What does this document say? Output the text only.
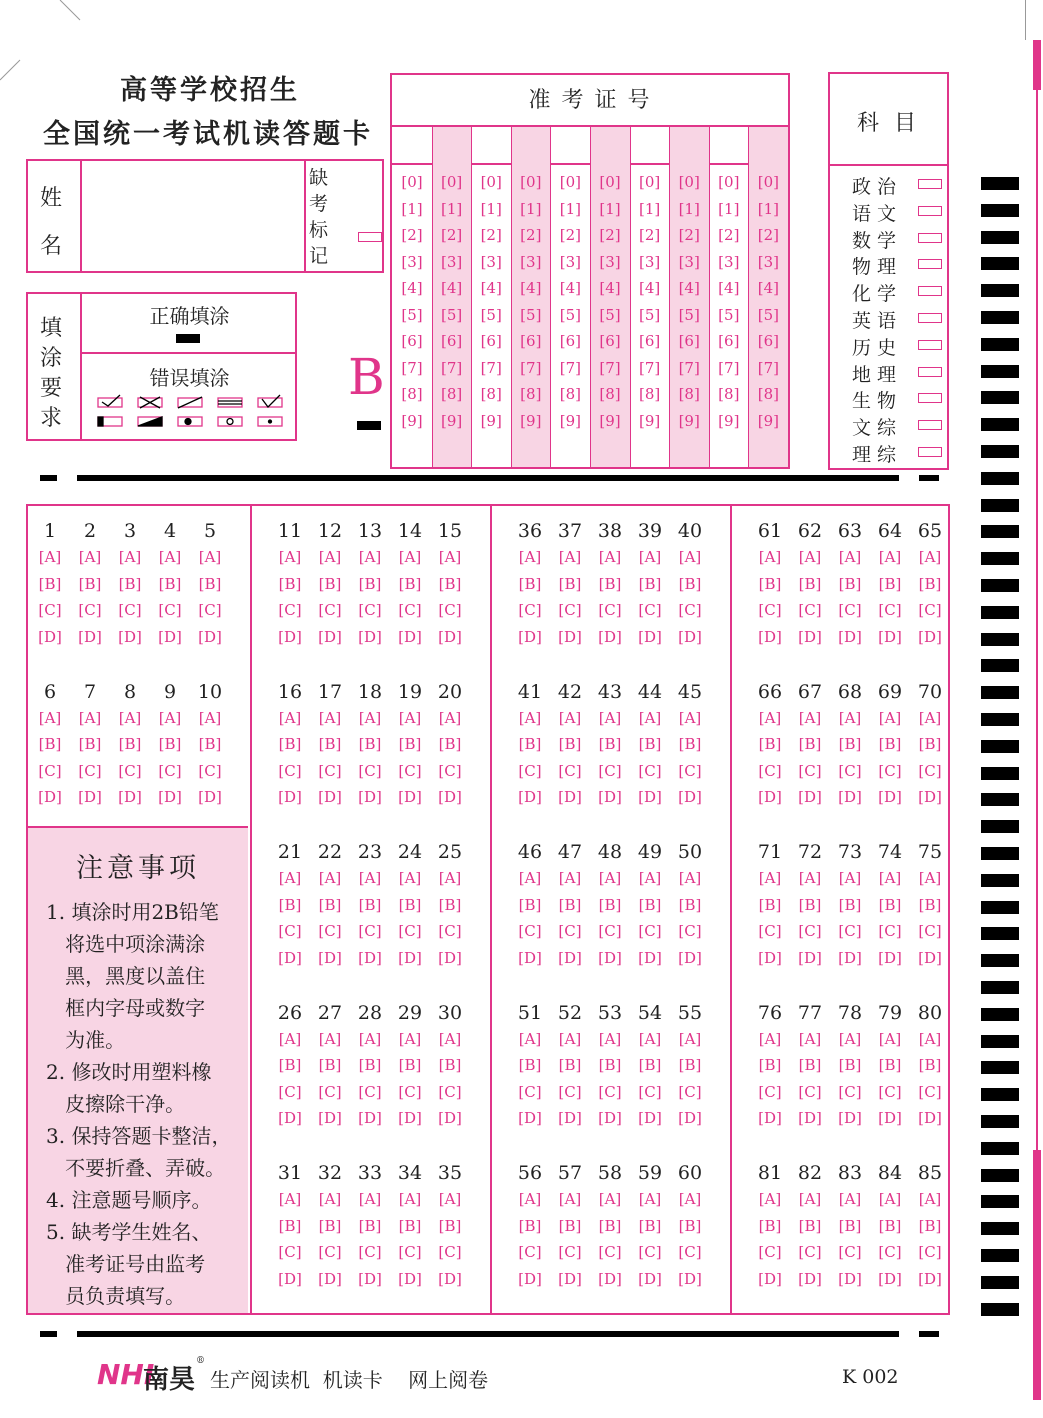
高等学校招生
全国统一考试机读答题卡
姓
名
缺
考
标
记
填
涂
要
求
正确填涂
错误填涂	B
准 考 证 号
[0]
[1]
[2]
[3]
[4]
[5]
[6]
[7]
[8]
[9]
[0]
[1]
[2]
[3]
[4]
[5]
[6]
[7]
[8]
[9]
[0]
[1]
[2]
[3]
[4]
[5]
[6]
[7]
[8]
[9]
[0]
[1]
[2]
[3]
[4]
[5]
[6]
[7]
[8]
[9]
[0]
[1]
[2]
[3]
[4]
[5]
[6]
[7]
[8]
[9]
[0]
[1]
[2]
[3]
[4]
[5]
[6]
[7]
[8]
[9]
[0]
[1]
[2]
[3]
[4]
[5]
[6]
[7]
[8]
[9]
[0]
[1]
[2]
[3]
[4]
[5]
[6]
[7]
[8]
[9]
[0]
[1]
[2]
[3]
[4]
[5]
[6]
[7]
[8]
[9]
[0]
[1]
[2]
[3]
[4]
[5]
[6]
[7]
[8]
[9]
科 目
政治
语文
数学
物理
化学
英语
历史
地理
生物
文综
理综
1
[A]
[B]
[C]
[D]
2
[A]
[B]
[C]
[D]
3
[A]
[B]
[C]
[D]
4
[A]
[B]
[C]
[D]
5
[A]
[B]
[C]
[D]
6
[A]
[B]
[C]
[D]
7
[A]
[B]
[C]
[D]
8
[A]
[B]
[C]
[D]
9
[A]
[B]
[C]
[D]
10
[A]
[B]
[C]
[D]
11
[A]
[B]
[C]
[D]
12
[A]
[B]
[C]
[D]
13
[A]
[B]
[C]
[D]
14
[A]
[B]
[C]
[D]
15
[A]
[B]
[C]
[D]
16
[A]
[B]
[C]
[D]
17
[A]
[B]
[C]
[D]
18
[A]
[B]
[C]
[D]
19
[A]
[B]
[C]
[D]
20
[A]
[B]
[C]
[D]
21
[A]
[B]
[C]
[D]
22
[A]
[B]
[C]
[D]
23
[A]
[B]
[C]
[D]
24
[A]
[B]
[C]
[D]
25
[A]
[B]
[C]
[D]
26
[A]
[B]
[C]
[D]
27
[A]
[B]
[C]
[D]
28
[A]
[B]
[C]
[D]
29
[A]
[B]
[C]
[D]
30
[A]
[B]
[C]
[D]
31
[A]
[B]
[C]
[D]
32
[A]
[B]
[C]
[D]
33
[A]
[B]
[C]
[D]
34
[A]
[B]
[C]
[D]
35
[A]
[B]
[C]
[D]
36
[A]
[B]
[C]
[D]
37
[A]
[B]
[C]
[D]
38
[A]
[B]
[C]
[D]
39
[A]
[B]
[C]
[D]
40
[A]
[B]
[C]
[D]
41
[A]
[B]
[C]
[D]
42
[A]
[B]
[C]
[D]
43
[A]
[B]
[C]
[D]
44
[A]
[B]
[C]
[D]
45
[A]
[B]
[C]
[D]
46
[A]
[B]
[C]
[D]
47
[A]
[B]
[C]
[D]
48
[A]
[B]
[C]
[D]
49
[A]
[B]
[C]
[D]
50
[A]
[B]
[C]
[D]
51
[A]
[B]
[C]
[D]
52
[A]
[B]
[C]
[D]
53
[A]
[B]
[C]
[D]
54
[A]
[B]
[C]
[D]
55
[A]
[B]
[C]
[D]
56
[A]
[B]
[C]
[D]
57
[A]
[B]
[C]
[D]
58
[A]
[B]
[C]
[D]
59
[A]
[B]
[C]
[D]
60
[A]
[B]
[C]
[D]
61
[A]
[B]
[C]
[D]
62
[A]
[B]
[C]
[D]
63
[A]
[B]
[C]
[D]
64
[A]
[B]
[C]
[D]
65
[A]
[B]
[C]
[D]
66
[A]
[B]
[C]
[D]
67
[A]
[B]
[C]
[D]
68
[A]
[B]
[C]
[D]
69
[A]
[B]
[C]
[D]
70
[A]
[B]
[C]
[D]
71
[A]
[B]
[C]
[D]
72
[A]
[B]
[C]
[D]
73
[A]
[B]
[C]
[D]
74
[A]
[B]
[C]
[D]
75
[A]
[B]
[C]
[D]
76
[A]
[B]
[C]
[D]
77
[A]
[B]
[C]
[D]
78
[A]
[B]
[C]
[D]
79
[A]
[B]
[C]
[D]
80
[A]
[B]
[C]
[D]
81
[A]
[B]
[C]
[D]
82
[A]
[B]
[C]
[D]
83
[A]
[B]
[C]
[D]
84
[A]
[B]
[C]
[D]
85
[A]
[B]
[C]
[D]
注意事项
1. 填涂时用2B铅笔
将选中项涂满涂
黑，黑度以盖住
框内字母或数字
为准。
2. 修改时用塑料橡
皮擦除干净。
3. 保持答题卡整洁，
不要折叠、弄破。
4. 注意题号顺序。
5. 缺考学生姓名、
准考证号由监考
员负责填写。
NHI
南昊
®
生产阅读机  机读卡    网上阅卷	K 002
